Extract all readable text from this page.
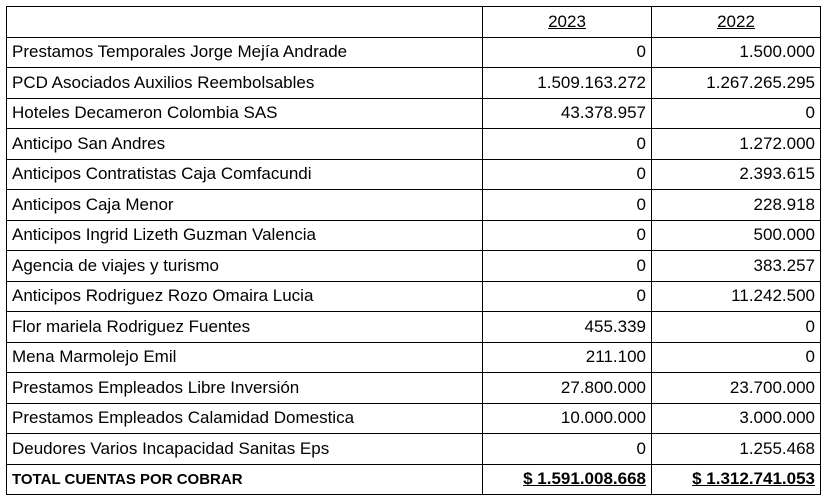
	2023	2022
Prestamos Temporales Jorge Mejía Andrade	0	1.500.000
PCD Asociados Auxilios Reembolsables	1.509.163.272	1.267.265.295
Hoteles Decameron Colombia SAS	43.378.957	0
Anticipo San Andres	0	1.272.000
Anticipos Contratistas Caja Comfacundi	0	2.393.615
Anticipos Caja Menor	0	228.918
Anticipos Ingrid Lizeth Guzman Valencia	0	500.000
Agencia de viajes y turismo	0	383.257
Anticipos Rodriguez Rozo Omaira Lucia	0	11.242.500
Flor mariela Rodriguez Fuentes	455.339	0
Mena Marmolejo Emil	211.100	0
Prestamos Empleados Libre Inversión	27.800.000	23.700.000
Prestamos Empleados Calamidad Domestica	10.000.000	3.000.000
Deudores Varios Incapacidad Sanitas Eps	0	1.255.468
TOTAL CUENTAS POR COBRAR	$ 1.591.008.668	$ 1.312.741.053
